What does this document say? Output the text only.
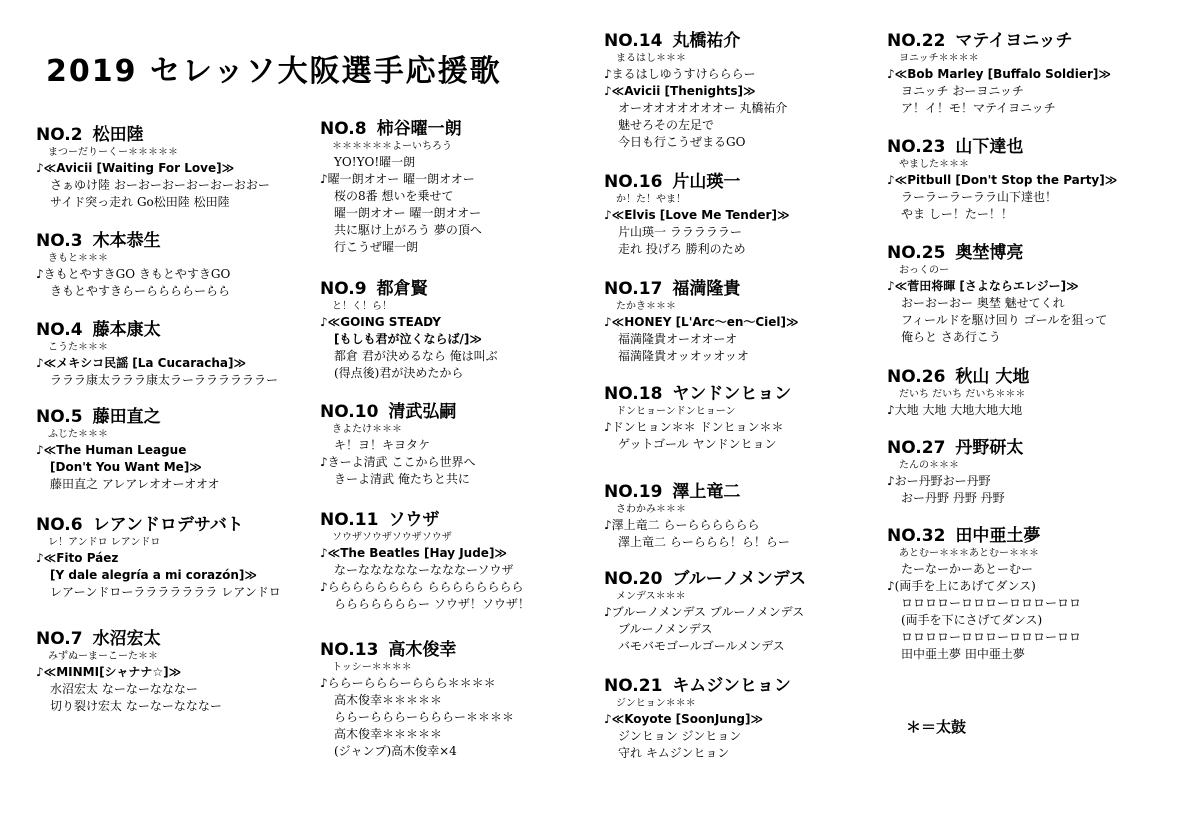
2019 セレッソ大阪選手応援歌
NO.2 松田陸
まつーだりーくー＊＊＊＊＊
♪≪Avicii [Waiting For Love]≫
さぁゆけ陸 おーおーおーおーおーおおー
サイド突っ走れ Go松田陸 松田陸
NO.3 木本恭生
きもと＊＊＊
♪きもとやすきGO きもとやすきGO
きもとやすきらーららららーらら
NO.4 藤本康太
こうた＊＊＊
♪≪メキシコ民謡 [La Cucaracha]≫
ラララ康太ラララ康太ラーララララララー
NO.5 藤田直之
ふじた＊＊＊
♪≪The Human League
[Don't You Want Me]≫
藤田直之 アレアレオオーオオオ
NO.6 レアンドロデサバト
レ！アンドロ レアンドロ
♪≪Fito Páez
[Y dale alegría a mi corazón]≫
レアーンドローラララララララ レアンドロ
NO.7 水沼宏太
みずぬーまーこーた＊＊
♪≪MINMI[シャナナ☆]≫
水沼宏太 なーなーなななー
切り裂け宏太 なーなーなななー
NO.8 柿谷曜一朗
＊＊＊＊＊＊よーいちろう
YO!YO!曜一朗
♪曜一朗オオー 曜一朗オオー
桜の8番 想いを乗せて
曜一朗オオー 曜一朗オオー
共に駆け上がろう 夢の頂へ
行こうぜ曜一朗
NO.9 都倉賢
と！く！ら！
♪≪GOING STEADY
[もしも君が泣くならば/]≫
都倉 君が決めるなら 俺は叫ぶ
(得点後)君が決めたから
NO.10 清武弘嗣
きよたけ＊＊＊
キ！ヨ！キヨタケ
♪きーよ清武 ここから世界へ
きーよ清武 俺たちと共に
NO.11 ソウザ
ソウザソウザソウザソウザ
♪≪The Beatles [Hay Jude]≫
なーなななななーなななーソウザ
♪らららららららら らららららららら
らららららららー ソウザ！ソウザ！
NO.13 高木俊幸
トッシー＊＊＊＊
♪ららーらららーららら＊＊＊＊
高木俊幸＊＊＊＊＊
ららーらららーらららー＊＊＊＊
高木俊幸＊＊＊＊＊
(ジャンプ)高木俊幸×4
NO.14 丸橋祐介
まるはし＊＊＊
♪まるはしゆうすけらららー
♪≪Avicii [Thenights]≫
オーオオオオオオオー 丸橋祐介
魅せろその左足で
今日も行こうぜまるGO
NO.16 片山瑛一
か！た！やま！
♪≪Elvis [Love Me Tender]≫
片山瑛一 ラララララー
走れ 投げろ 勝利のため
NO.17 福満隆貴
たかき＊＊＊
♪≪HONEY [L'Arc～en～Ciel]≫
福満隆貴オーオオーオ
福満隆貴オッオッオッオ
NO.18 ヤンドンヒョン
ドンヒョーンドンヒョーン
♪ドンヒョン＊＊ ドンヒョン＊＊
ゲットゴール ヤンドンヒョン
NO.19 澤上竜二
さわかみ＊＊＊
♪澤上竜二 らーらららららら
澤上竜二 らーららら！ら！らー
NO.20 ブルーノメンデス
メンデス＊＊＊
♪ブルーノメンデス ブルーノメンデス
ブルーノメンデス
バモバモゴールゴールメンデス
NO.21 キムジンヒョン
ジンヒョン＊＊＊
♪≪Koyote [SoonJung]≫
ジンヒョン ジンヒョン
守れ キムジンヒョン
NO.22 マテイヨニッチ
ヨニッチ＊＊＊＊
♪≪Bob Marley [Buffalo Soldier]≫
ヨニッチ おーヨニッチ
ア！イ！モ！マテイヨニッチ
NO.23 山下達也
やました＊＊＊
♪≪Pitbull [Don't Stop the Party]≫
ラーラーラーララ山下達也！
やま しー！たー！！
NO.25 奥埜博亮
おっくのー
♪≪菅田将暉 [さよならエレジー]≫
おーおーおー 奥埜 魅せてくれ
フィールドを駆け回り ゴールを狙って
俺らと さあ行こう
NO.26 秋山 大地
だいち だいち だいち＊＊＊
♪大地 大地 大地大地大地
NO.27 丹野研太
たんの＊＊＊
♪おー丹野おー丹野
おー丹野 丹野 丹野
NO.32 田中亜土夢
あとむー＊＊＊あとむー＊＊＊
たーなーかーあとーむー
♪(両手を上にあげてダンス)
ロロロローロロローロロローロロ
(両手を下にさげてダンス)
ロロロローロロローロロローロロ
田中亜土夢 田中亜土夢
＊＝太鼓
